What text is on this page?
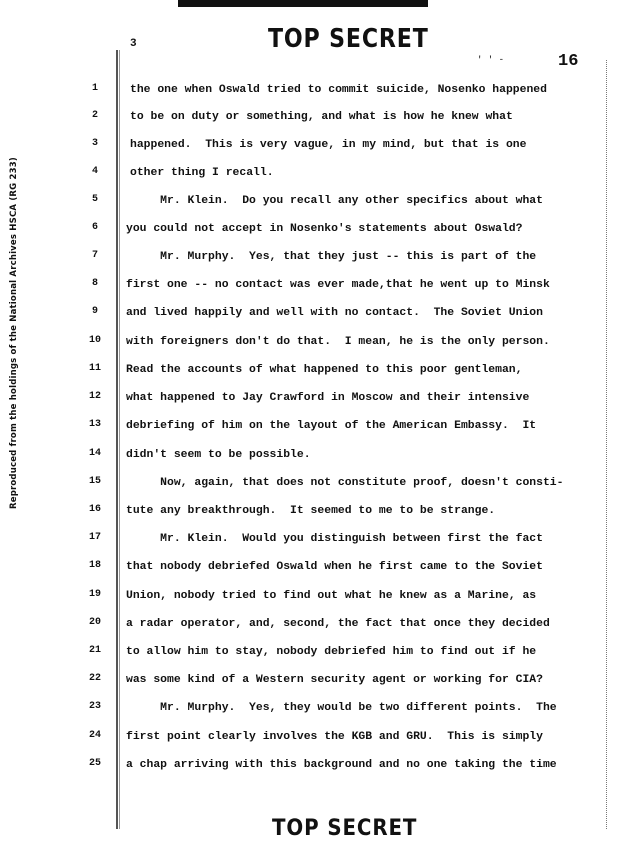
TOP SECRET
3
' ' -	16
Reproduced from the holdings of the National Archives HSCA (RG 233)
1	the one when Oswald tried to commit suicide, Nosenko happened
2	to be on duty or something, and what is how he knew what
3	happened.  This is very vague, in my mind, but that is one
4	other thing I recall.
5	Mr. Klein.  Do you recall any other specifics about what
6	you could not accept in Nosenko's statements about Oswald?
7	Mr. Murphy.  Yes, that they just -- this is part of the
8	first one -- no contact was ever made,that he went up to Minsk
9	and lived happily and well with no contact.  The Soviet Union
10	with foreigners don't do that.  I mean, he is the only person.
11	Read the accounts of what happened to this poor gentleman,
12	what happened to Jay Crawford in Moscow and their intensive
13	debriefing of him on the layout of the American Embassy.  It
14	didn't seem to be possible.
15	Now, again, that does not constitute proof, doesn't consti-
16	tute any breakthrough.  It seemed to me to be strange.
17	Mr. Klein.  Would you distinguish between first the fact
18	that nobody debriefed Oswald when he first came to the Soviet
19	Union, nobody tried to find out what he knew as a Marine, as
20	a radar operator, and, second, the fact that once they decided
21	to allow him to stay, nobody debriefed him to find out if he
22	was some kind of a Western security agent or working for CIA?
23	Mr. Murphy.  Yes, they would be two different points.  The
24	first point clearly involves the KGB and GRU.  This is simply
25	a chap arriving with this background and no one taking the time
TOP SECRET
